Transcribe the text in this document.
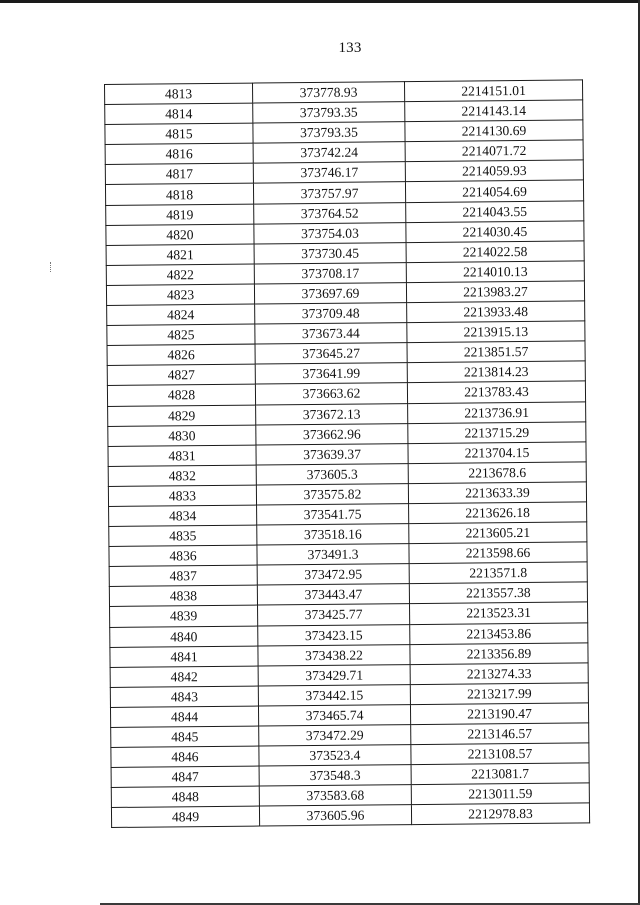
133
4813	373778.93	2214151.01
4814	373793.35	2214143.14
4815	373793.35	2214130.69
4816	373742.24	2214071.72
4817	373746.17	2214059.93
4818	373757.97	2214054.69
4819	373764.52	2214043.55
4820	373754.03	2214030.45
4821	373730.45	2214022.58
4822	373708.17	2214010.13
4823	373697.69	2213983.27
4824	373709.48	2213933.48
4825	373673.44	2213915.13
4826	373645.27	2213851.57
4827	373641.99	2213814.23
4828	373663.62	2213783.43
4829	373672.13	2213736.91
4830	373662.96	2213715.29
4831	373639.37	2213704.15
4832	373605.3	2213678.6
4833	373575.82	2213633.39
4834	373541.75	2213626.18
4835	373518.16	2213605.21
4836	373491.3	2213598.66
4837	373472.95	2213571.8
4838	373443.47	2213557.38
4839	373425.77	2213523.31
4840	373423.15	2213453.86
4841	373438.22	2213356.89
4842	373429.71	2213274.33
4843	373442.15	2213217.99
4844	373465.74	2213190.47
4845	373472.29	2213146.57
4846	373523.4	2213108.57
4847	373548.3	2213081.7
4848	373583.68	2213011.59
4849	373605.96	2212978.83
